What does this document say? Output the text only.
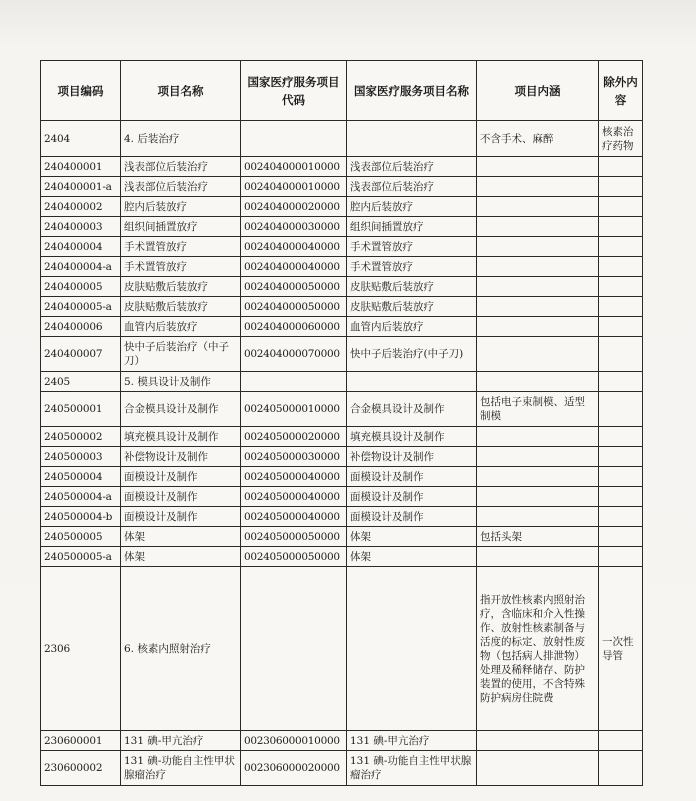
项目编码	项目名称	国家医疗服务项目代码	国家医疗服务项目名称	项目内涵	除外内容
2404	4. 后装治疗			不含手术、麻醉	核素治疗药物
240400001	浅表部位后装治疗	002404000010000	浅表部位后装治疗		
240400001-a	浅表部位后装治疗	002404000010000	浅表部位后装治疗		
240400002	腔内后装放疗	002404000020000	腔内后装放疗		
240400003	组织间插置放疗	002404000030000	组织间插置放疗		
240400004	手术置管放疗	002404000040000	手术置管放疗		
240400004-a	手术置管放疗	002404000040000	手术置管放疗		
240400005	皮肤贴敷后装放疗	002404000050000	皮肤贴敷后装放疗		
240400005-a	皮肤贴敷后装放疗	002404000050000	皮肤贴敷后装放疗		
240400006	血管内后装放疗	002404000060000	血管内后装放疗		
240400007	快中子后装治疗（中子刀）	002404000070000	快中子后装治疗(中子刀)		
2405	5. 模具设计及制作				
240500001	合金模具设计及制作	002405000010000	合金模具设计及制作	包括电子束制模、适型制模	
240500002	填充模具设计及制作	002405000020000	填充模具设计及制作		
240500003	补偿物设计及制作	002405000030000	补偿物设计及制作		
240500004	面模设计及制作	002405000040000	面模设计及制作		
240500004-a	面模设计及制作	002405000040000	面模设计及制作		
240500004-b	面模设计及制作	002405000040000	面模设计及制作		
240500005	体架	002405000050000	体架	包括头架	
240500005-a	体架	002405000050000	体架		
2306	6. 核素内照射治疗			指开放性核素内照射治疗，含临床和介入性操作、放射性核素制备与活度的标定、放射性废物（包括病人排泄物）处理及稀释储存、防护装置的使用，不含特殊防护病房住院费	一次性导管
230600001	131 碘-甲亢治疗	002306000010000	131 碘-甲亢治疗		
230600002	131 碘-功能自主性甲状腺瘤治疗	002306000020000	131 碘-功能自主性甲状腺瘤治疗		
